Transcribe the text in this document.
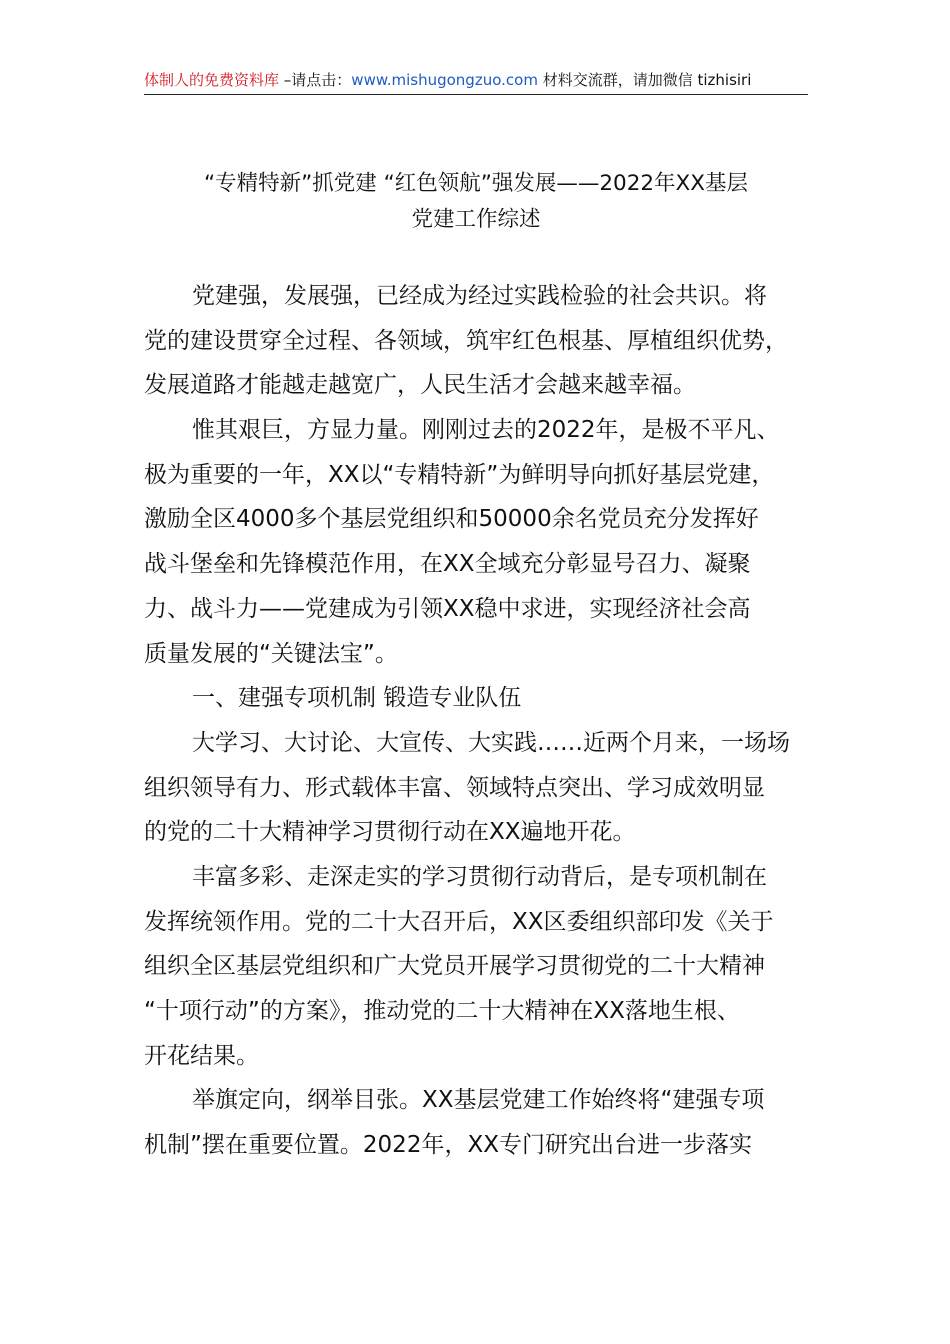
体制人的免费资料库 –请点击：www.mishugongzuo.com 材料交流群，请加微信 tizhisiri
“专精特新”抓党建 “红色领航”强发展——2022年XX基层
党建工作综述
党建强，发展强，已经成为经过实践检验的社会共识。将
党的建设贯穿全过程、各领域，筑牢红色根基、厚植组织优势，
发展道路才能越走越宽广，人民生活才会越来越幸福。
惟其艰巨，方显力量。刚刚过去的2022年，是极不平凡、
极为重要的一年，XX以“专精特新”为鲜明导向抓好基层党建，
激励全区4000多个基层党组织和50000余名党员充分发挥好
战斗堡垒和先锋模范作用，在XX全域充分彰显号召力、凝聚
力、战斗力——党建成为引领XX稳中求进，实现经济社会高
质量发展的“关键法宝”。
一、建强专项机制 锻造专业队伍
大学习、大讨论、大宣传、大实践……近两个月来，一场场
组织领导有力、形式载体丰富、领域特点突出、学习成效明显
的党的二十大精神学习贯彻行动在XX遍地开花。
丰富多彩、走深走实的学习贯彻行动背后，是专项机制在
发挥统领作用。党的二十大召开后，XX区委组织部印发《关于
组织全区基层党组织和广大党员开展学习贯彻党的二十大精神
“十项行动”的方案》，推动党的二十大精神在XX落地生根、
开花结果。
举旗定向，纲举目张。XX基层党建工作始终将“建强专项
机制”摆在重要位置。2022年，XX专门研究出台进一步落实
